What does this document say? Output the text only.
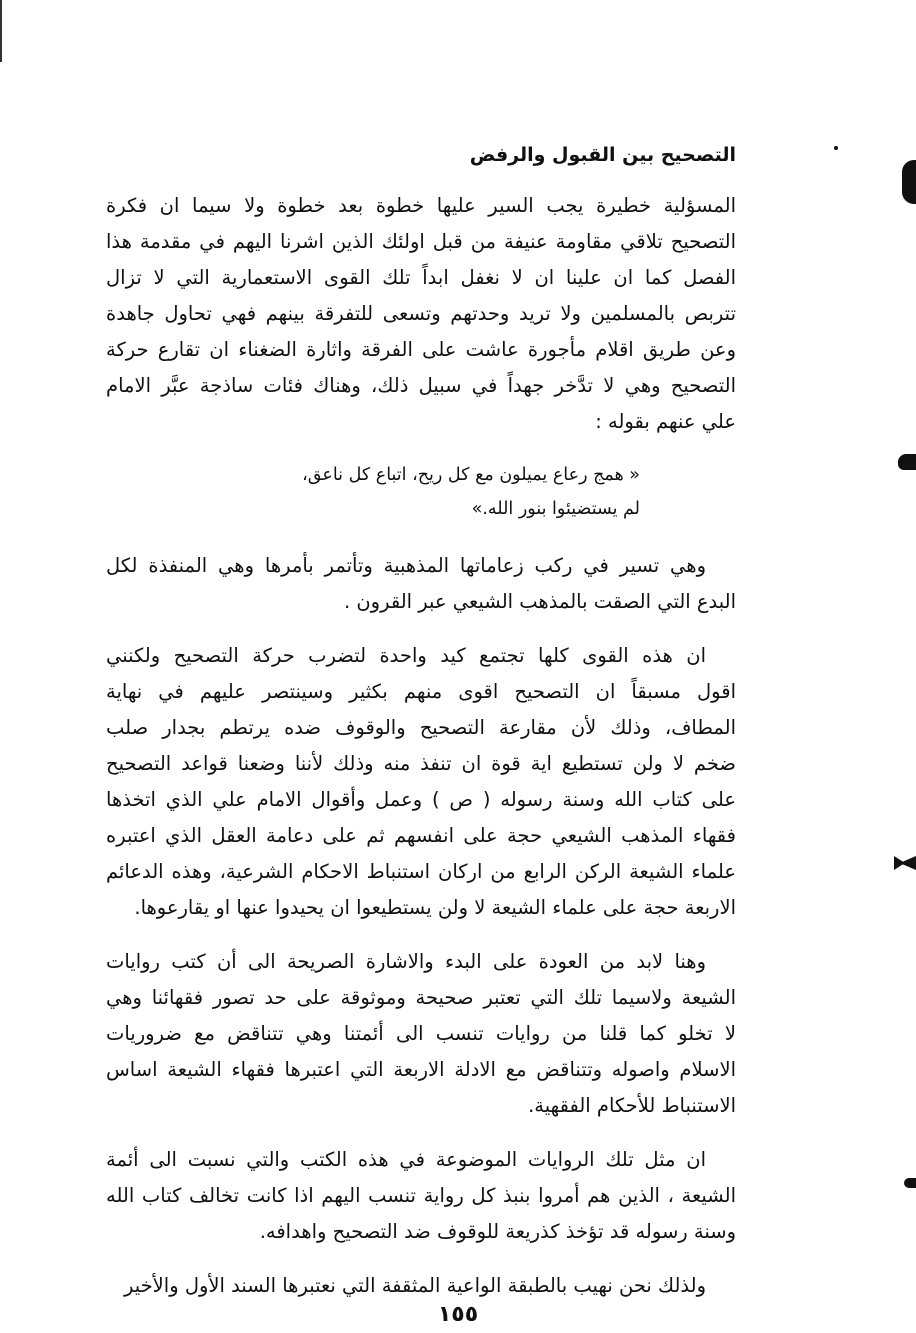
التصحيح بين القبول والرفض
المسؤلية خطيرة يجب السير عليها خطوة بعد خطوة ولا سيما ان فكرة
التصحيح تلاقي مقاومة عنيفة من قبل اولئك الذين اشرنا اليهم في مقدمة هذا
الفصل كما ان علينا ان لا نغفل ابداً تلك القوى الاستعمارية التي لا تزال
تتربص بالمسلمين ولا تريد وحدتهم وتسعى للتفرقة بينهم فهي تحاول جاهدة
وعن طريق اقلام مأجورة عاشت على الفرقة واثارة الضغناء ان تقارع حركة
التصحيح وهي لا تدَّخر جهداً في سبيل ذلك، وهناك فئات ساذجة عبَّر الامام
علي عنهم بقوله :
« همج رعاع يميلون مع كل ريح، اتباع كل ناعق،
لم يستضيئوا بنور الله.»
وهي تسير في ركب زعاماتها المذهبية وتأتمر بأمرها وهي المنفذة لكل
البدع التي الصقت بالمذهب الشيعي عبر القرون .
ان هذه القوى كلها تجتمع كيد واحدة لتضرب حركة التصحيح ولكنني
اقول مسبقاً ان التصحيح اقوى منهم بكثير وسينتصر عليهم في نهاية
المطاف، وذلك لأن مقارعة التصحيح والوقوف ضده يرتطم بجدار صلب
ضخم لا ولن تستطيع اية قوة ان تنفذ منه وذلك لأننا وضعنا قواعد التصحيح
على كتاب الله وسنة رسوله ( ص ) وعمل وأقوال الامام علي الذي اتخذها
فقهاء المذهب الشيعي حجة على انفسهم ثم على دعامة العقل الذي اعتبره
علماء الشيعة الركن الرابع من اركان استنباط الاحكام الشرعية، وهذه الدعائم
الاربعة حجة على علماء الشيعة لا ولن يستطيعوا ان يحيدوا عنها او يقارعوها.
وهنا لابد من العودة على البدء والاشارة الصريحة الى أن كتب روايات
الشيعة ولاسيما تلك التي تعتبر صحيحة وموثوقة على حد تصور فقهائنا وهي
لا تخلو كما قلنا من روايات تنسب الى أئمتنا وهي تتناقض مع ضروريات
الاسلام واصوله وتتناقض مع الادلة الاربعة التي اعتبرها فقهاء الشيعة اساس
الاستنباط للأحكام الفقهية.
ان مثل تلك الروايات الموضوعة في هذه الكتب والتي نسبت الى أئمة
الشيعة ، الذين هم أمروا بنبذ كل رواية تنسب اليهم اذا كانت تخالف كتاب الله
وسنة رسوله قد تؤخذ كذريعة للوقوف ضد التصحيح واهدافه.
ولذلك نحن نهيب بالطبقة الواعية المثقفة التي نعتبرها السند الأول والأخير
١٥٥
